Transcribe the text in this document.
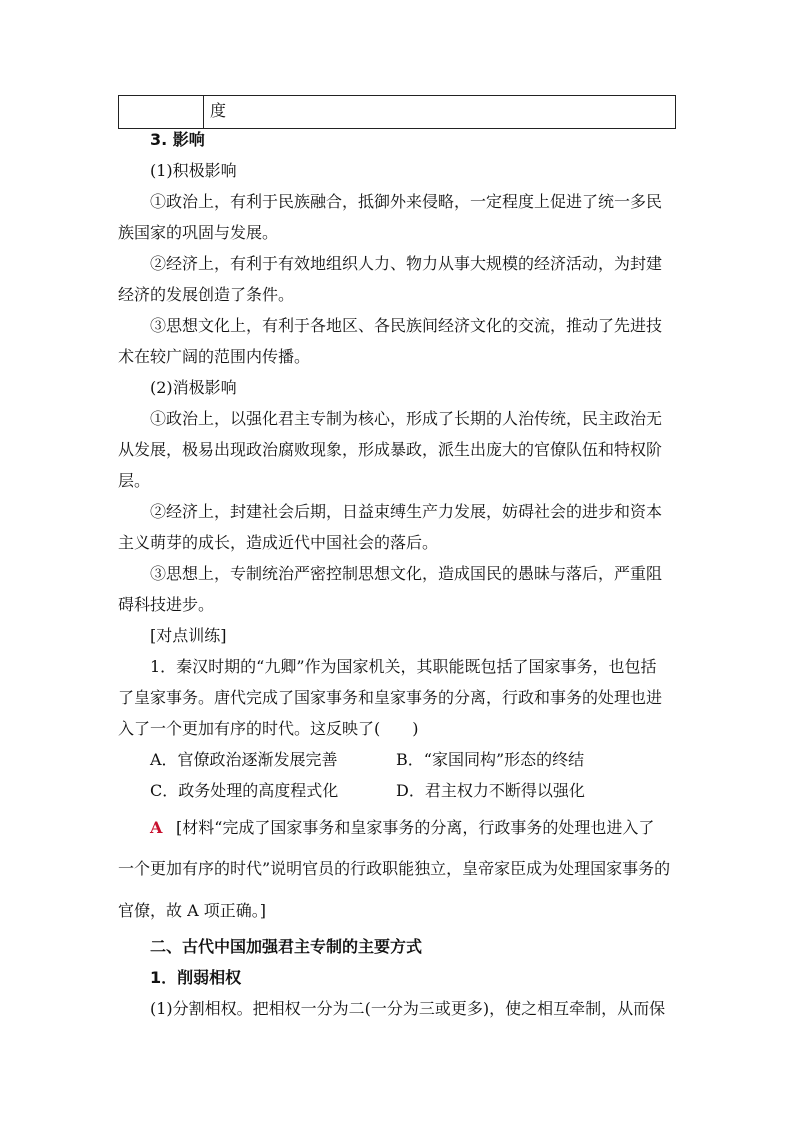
	度
3. 影响
(1)积极影响
①政治上，有利于民族融合，抵御外来侵略，一定程度上促进了统一多民
族国家的巩固与发展。
②经济上，有利于有效地组织人力、物力从事大规模的经济活动，为封建
经济的发展创造了条件。
③思想文化上，有利于各地区、各民族间经济文化的交流，推动了先进技
术在较广阔的范围内传播。
(2)消极影响
①政治上，以强化君主专制为核心，形成了长期的人治传统，民主政治无
从发展，极易出现政治腐败现象，形成暴政，派生出庞大的官僚队伍和特权阶
层。
②经济上，封建社会后期，日益束缚生产力发展，妨碍社会的进步和资本
主义萌芽的成长，造成近代中国社会的落后。
③思想上，专制统治严密控制思想文化，造成国民的愚昧与落后，严重阻
碍科技进步。
[对点训练]
1．秦汉时期的“九卿”作为国家机关，其职能既包括了国家事务，也包括
了皇家事务。唐代完成了国家事务和皇家事务的分离，行政和事务的处理也进
入了一个更加有序的时代。这反映了(　　)
A．官僚政治逐渐发展完善	B．“家国同构”形态的终结
C．政务处理的高度程式化	D．君主权力不断得以强化
A [材料“完成了国家事务和皇家事务的分离，行政事务的处理也进入了
一个更加有序的时代”说明官员的行政职能独立，皇帝家臣成为处理国家事务的
官僚，故 A 项正确。]
二、古代中国加强君主专制的主要方式
1．削弱相权
(1)分割相权。把相权一分为二(一分为三或更多)，使之相互牵制，从而保
